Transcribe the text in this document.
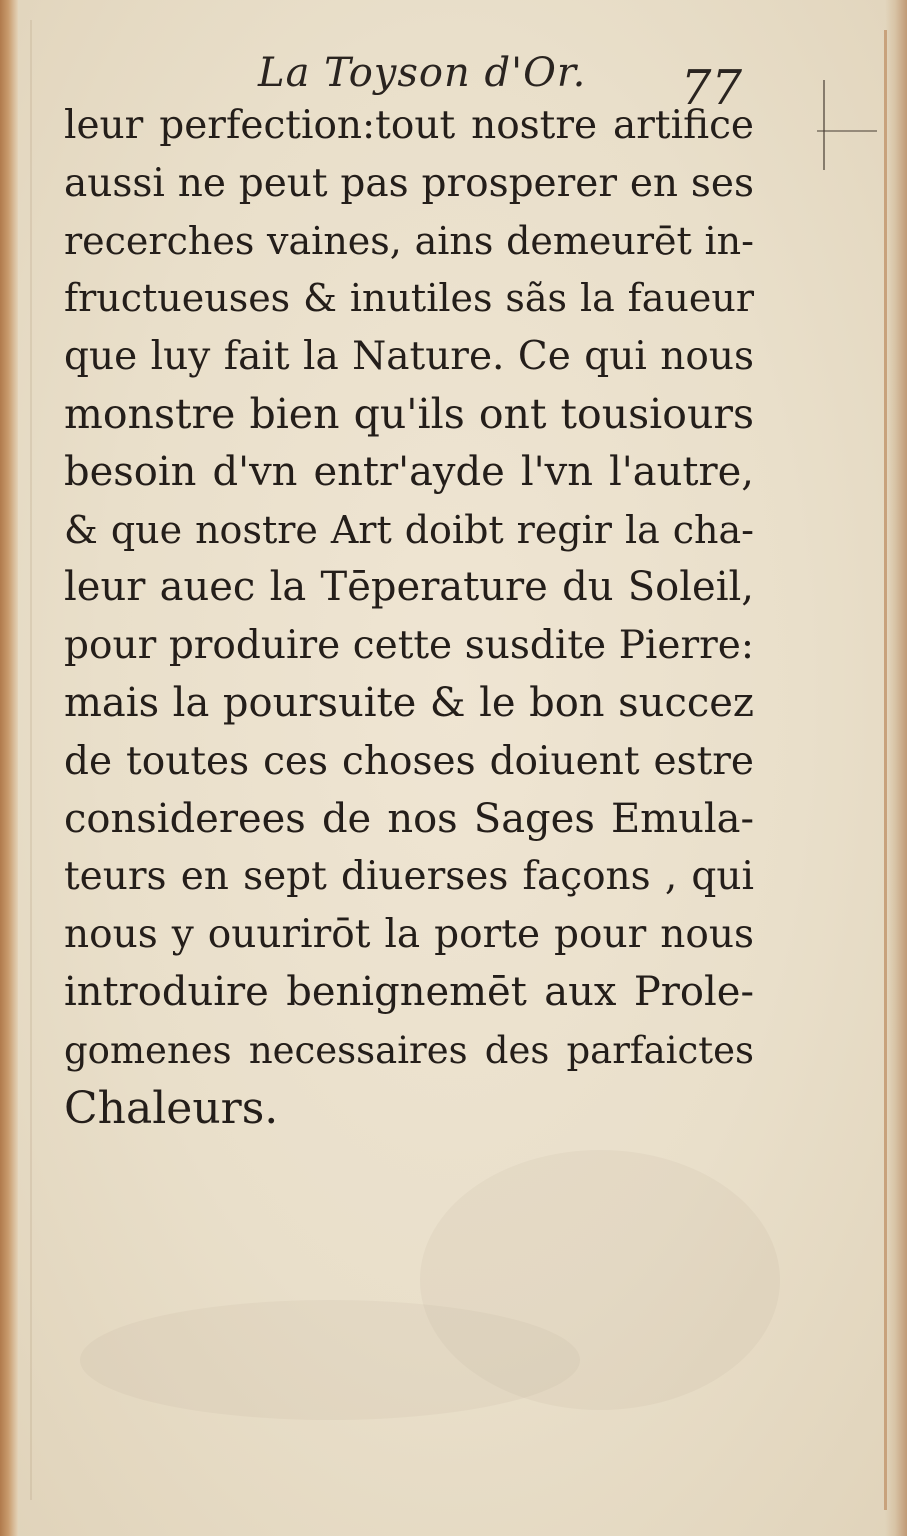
La Toyson d'Or. 77
leur perfection:tout nostre artifice
aussi ne peut pas prosperer en ses
recerches vaines, ains demeurēt in-
fructueuses & inutiles sãs la faueur
que luy fait la Nature. Ce qui nous
monstre bien qu'ils ont tousiours
besoin d'vn entr'ayde l'vn l'autre,
& que nostre Art doibt regir la cha-
leur auec la Tēperature du Soleil,
pour produire cette susdite Pierre:
mais la poursuite & le bon succez
de toutes ces choses doiuent estre
considerees de nos Sages Emula-
teurs en sept diuerses façons , qui
nous y ouurirōt la porte pour nous
introduire benignemēt aux Prole-
gomenes necessaires des parfaictes
Chaleurs.
